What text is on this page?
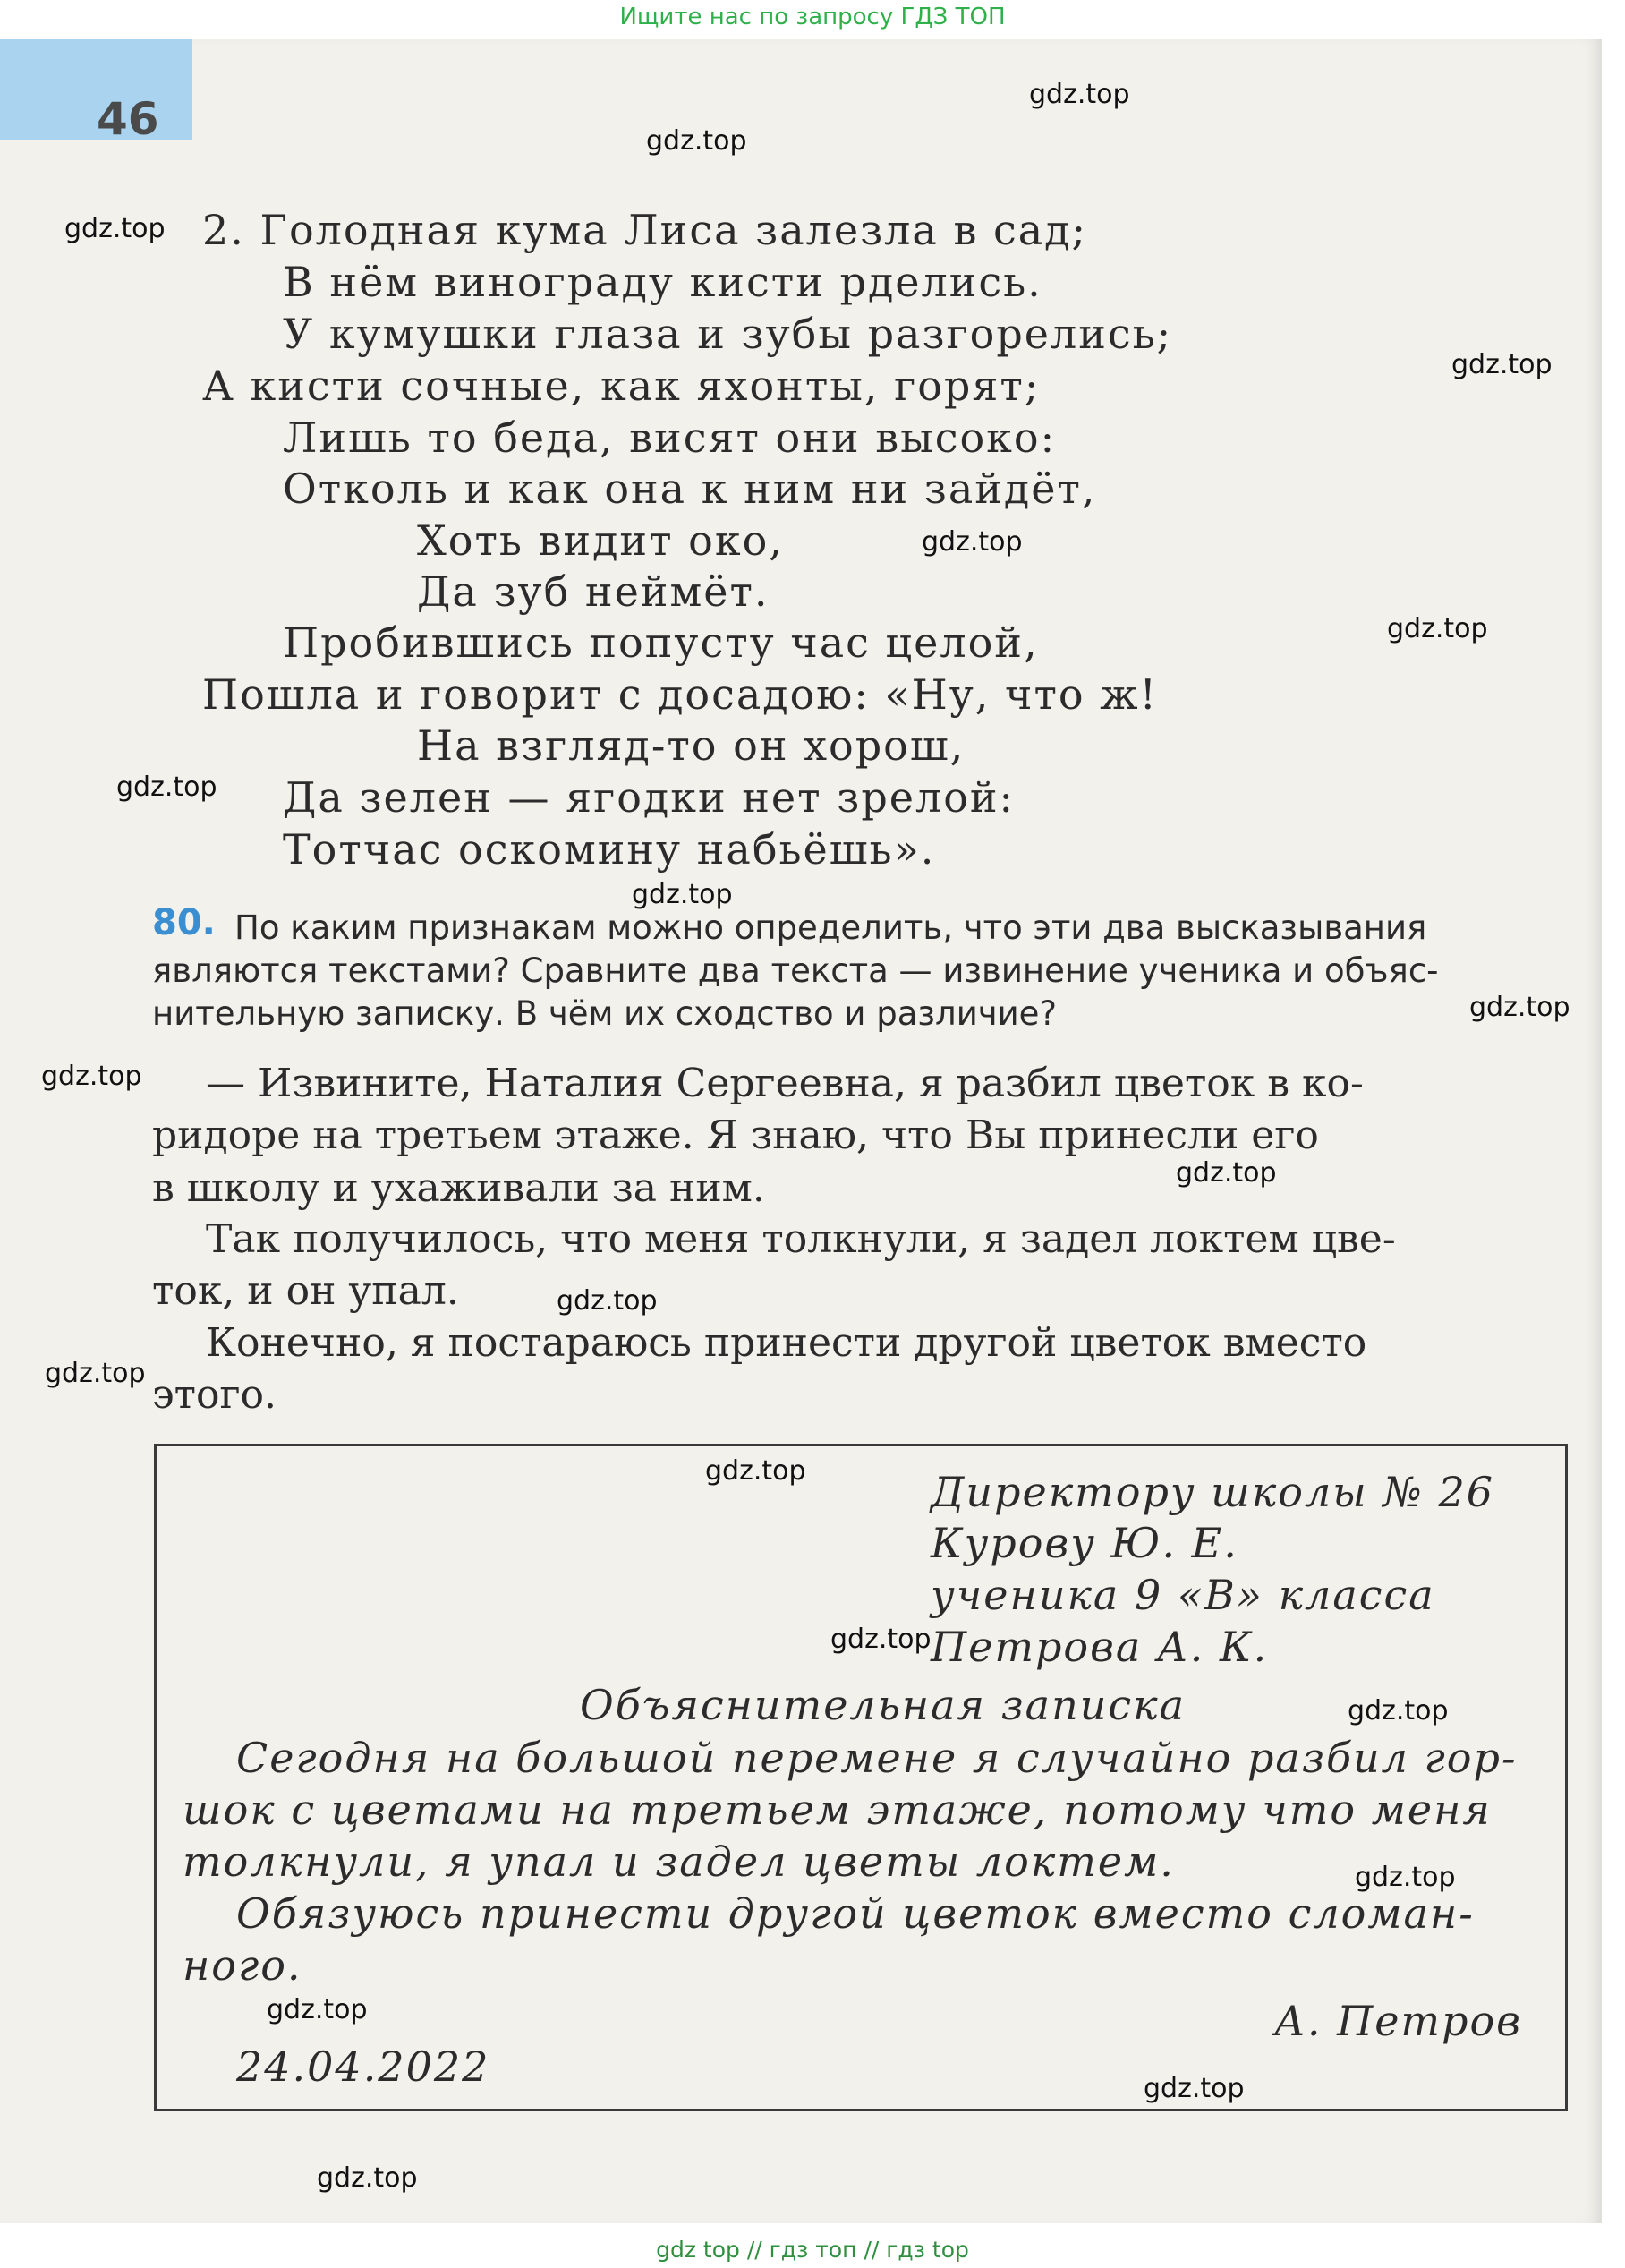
Ищите нас по запросу ГДЗ ТОП
46
2. Голодная кума Лиса залезла в сад;
В нём винограду кисти рделись.
У кумушки глаза и зубы разгорелись;
А кисти сочные, как яхонты, горят;
Лишь то беда, висят они высоко:
Отколь и как она к ним ни зайдёт,
Хоть видит око,
Да зуб неймёт.
Пробившись попусту час целой,
Пошла и говорит с досадою: «Ну, что ж!
На взгляд-то он хорош,
Да зелен — ягодки нет зрелой:
Тотчас оскомину набьёшь».
80. По каким признакам можно определить, что эти два высказывания
являются текстами? Сравните два текста — извинение ученика и объяс-
нительную записку. В чём их сходство и различие?
— Извините, Наталия Сергеевна, я разбил цветок в ко-
ридоре на третьем этаже. Я знаю, что Вы принесли его
в школу и ухаживали за ним.
Так получилось, что меня толкнули, я задел локтем цве-
ток, и он упал.
Конечно, я постараюсь принести другой цветок вместо
этого.
Директору школы № 26
Курову Ю. Е.
ученика 9 «В» класса
Петрова А. К.
Объяснительная записка
Сегодня на большой перемене я случайно разбил гор-
шок с цветами на третьем этаже, потому что меня
толкнули, я упал и задел цветы локтем.
Обязуюсь принести другой цветок вместо сломан-
ного.
А. Петров
24.04.2022
gdz.top
gdz.top
gdz.top
gdz.top
gdz.top
gdz.top
gdz.top
gdz.top
gdz.top
gdz.top
gdz.top
gdz.top
gdz.top
gdz.top
gdz.top
gdz.top
gdz.top
gdz.top
gdz.top
gdz.top
gdz top // гдз топ // гдз top
